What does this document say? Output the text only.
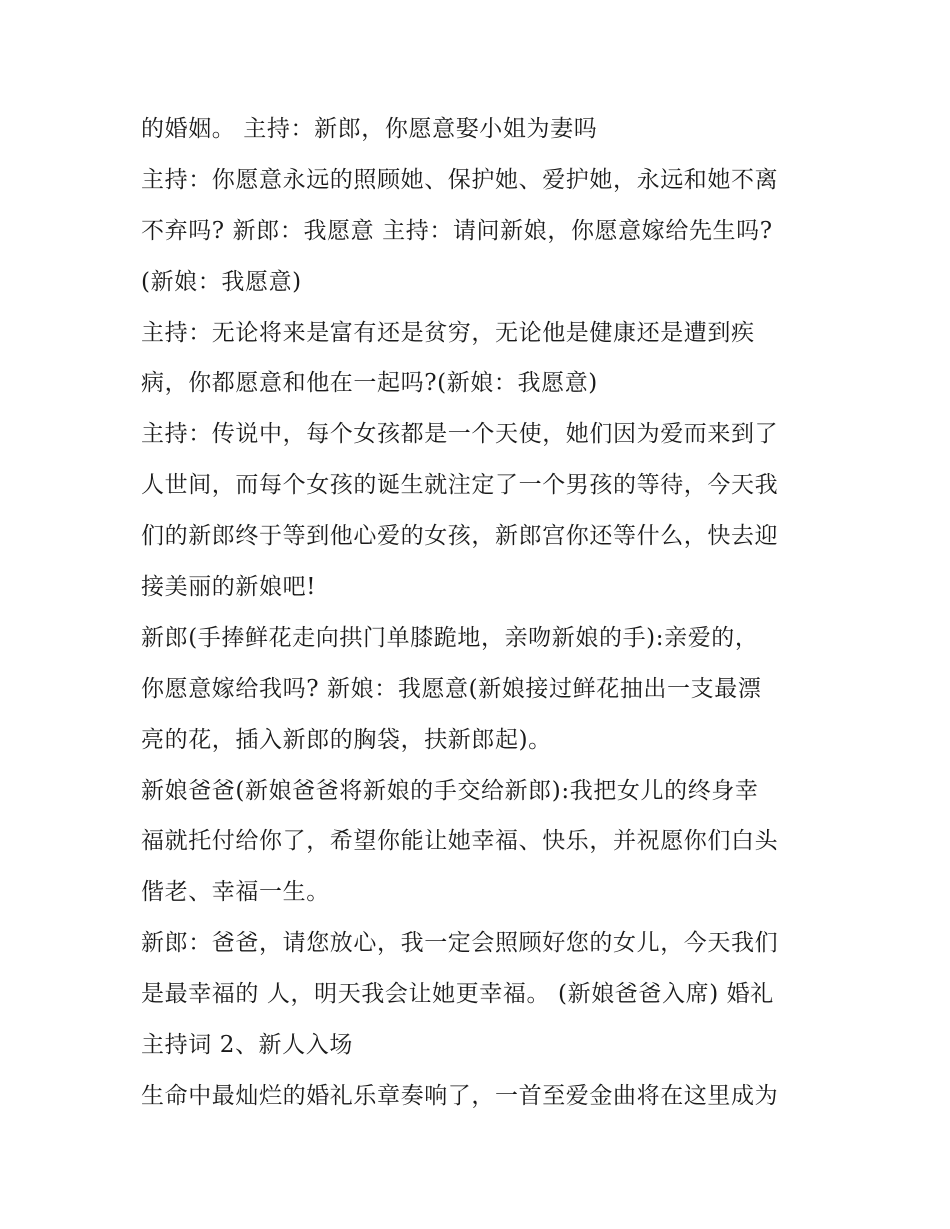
的婚姻。 主持：新郎，你愿意娶小姐为妻吗
主持：你愿意永远的照顾她、保护她、爱护她，永远和她不离
不弃吗? 新郎：我愿意 主持：请问新娘，你愿意嫁给先生吗?
(新娘：我愿意)
主持：无论将来是富有还是贫穷，无论他是健康还是遭到疾
病，你都愿意和他在一起吗?(新娘：我愿意)
主持：传说中，每个女孩都是一个天使，她们因为爱而来到了
人世间，而每个女孩的诞生就注定了一个男孩的等待，今天我
们的新郎终于等到他心爱的女孩，新郎宫你还等什么，快去迎
接美丽的新娘吧!
新郎(手捧鲜花走向拱门单膝跪地，亲吻新娘的手):亲爱的，
你愿意嫁给我吗? 新娘：我愿意(新娘接过鲜花抽出一支最漂
亮的花，插入新郎的胸袋，扶新郎起)。
新娘爸爸(新娘爸爸将新娘的手交给新郎):我把女儿的终身幸
福就托付给你了，希望你能让她幸福、快乐，并祝愿你们白头
偕老、幸福一生。
新郎：爸爸，请您放心，我一定会照顾好您的女儿，今天我们
是最幸福的 人，明天我会让她更幸福。 (新娘爸爸入席) 婚礼
主持词 2、新人入场
生命中最灿烂的婚礼乐章奏响了，一首至爱金曲将在这里成为
